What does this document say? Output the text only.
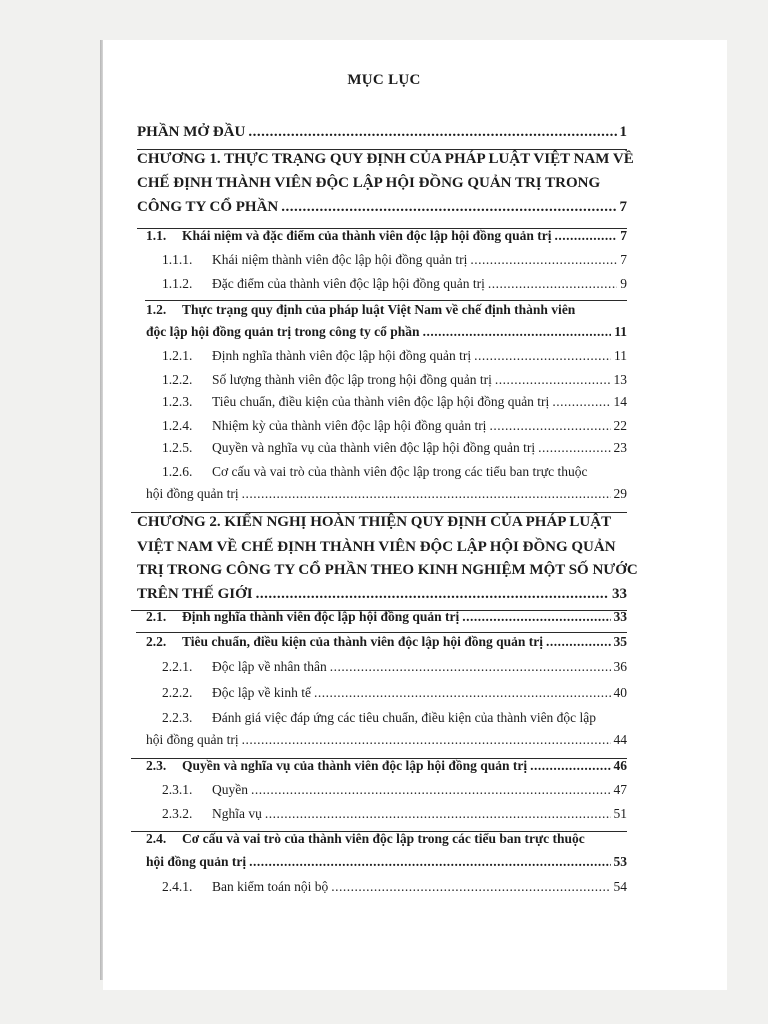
MỤC LỤC
PHẦN MỞ ĐẦU .....	1
CHƯƠNG 1. THỰC TRẠNG QUY ĐỊNH CỦA PHÁP LUẬT VIỆT NAM VỀ
CHẾ ĐỊNH THÀNH VIÊN ĐỘC LẬP HỘI ĐỒNG QUẢN TRỊ TRONG
CÔNG TY CỔ PHẦN .....	7
1.1. Khái niệm và đặc điểm của thành viên độc lập hội đồng quản trị .....	7
1.1.1. Khái niệm thành viên độc lập hội đồng quản trị .....	7
1.1.2. Đặc điểm của thành viên độc lập hội đồng quản trị .....	9
1.2. Thực trạng quy định của pháp luật Việt Nam về chế định thành viên
độc lập hội đồng quản trị trong công ty cổ phần .....	11
1.2.1. Định nghĩa thành viên độc lập hội đồng quản trị .....	11
1.2.2. Số lượng thành viên độc lập trong hội đồng quản trị .....	13
1.2.3. Tiêu chuẩn, điều kiện của thành viên độc lập hội đồng quản trị .....	14
1.2.4. Nhiệm kỳ của thành viên độc lập hội đồng quản trị .....	22
1.2.5. Quyền và nghĩa vụ của thành viên độc lập hội đồng quản trị .....	23
1.2.6. Cơ cấu và vai trò của thành viên độc lập trong các tiểu ban trực thuộc
hội đồng quản trị .....	29
CHƯƠNG 2. KIẾN NGHỊ HOÀN THIỆN QUY ĐỊNH CỦA PHÁP LUẬT
VIỆT NAM VỀ CHẾ ĐỊNH THÀNH VIÊN ĐỘC LẬP HỘI ĐỒNG QUẢN
TRỊ TRONG CÔNG TY CỔ PHẦN THEO KINH NGHIỆM MỘT SỐ NƯỚC
TRÊN THẾ GIỚI .....	33
2.1. Định nghĩa thành viên độc lập hội đồng quản trị .....	33
2.2. Tiêu chuẩn, điều kiện của thành viên độc lập hội đồng quản trị .....	35
2.2.1. Độc lập về nhân thân .....	36
2.2.2. Độc lập về kinh tế .....	40
2.2.3. Đánh giá việc đáp ứng các tiêu chuẩn, điều kiện của thành viên độc lập
hội đồng quản trị .....	44
2.3. Quyền và nghĩa vụ của thành viên độc lập hội đồng quản trị .....	46
2.3.1. Quyền .....	47
2.3.2. Nghĩa vụ .....	51
2.4. Cơ cấu và vai trò của thành viên độc lập trong các tiểu ban trực thuộc
hội đồng quản trị .....	53
2.4.1. Ban kiểm toán nội bộ .....	54
